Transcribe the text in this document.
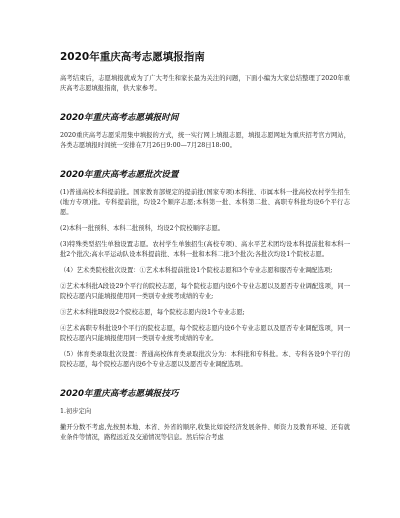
2020年重庆高考志愿填报指南

高考结束后，志愿填报就成为了广大考生和家长最为关注的问题，下面小编为大家总结整理了2020年重庆高考志愿填报指南，供大家参考。

2020年重庆高考志愿填报时间

2020重庆高考志愿采用集中填报的方式，统一实行网上填报志愿，填报志愿网址为重庆招考官方网站，各类志愿填报时间统一安排在7月26日9:00—7月28日18:00。

2020年重庆高考志愿批次设置

(1)普通高校本科提前批。国家教育部规定的提前批(国家专项)本科批、市属本科一批高校农村学生招生(地方专项)批。专科提前批，均设2个顺序志愿;本科第一批、本科第二批、高职专科批均设6个平行志愿。

(2)本科一批预科、本科二批预科，均设2个院校顺序志愿。

(3)特殊类型招生单独设置志愿。农村学生单独招生(高校专项)、高水平艺术团均设本科提前批和本科一批2个批次;高水平运动队设本科提前批、本科一批和本科二批3个批次;各批次均设1个院校志愿。

（4）艺术类院校批次设置：①艺术本科提前批设1个院校志愿和3个专业志愿和服否专业调配选项;

②艺术本科批A段设29个平行的院校志愿，每个院校志愿内设6个专业志愿以及愿否专业调配选项，同一院校志愿内只能填报使用同一类别专业统考成绩的专业;

③艺术本科批B段设2个院校志愿，每个院校志愿内设1个专业志愿;

④艺术高职专科批设9个平行的院校志愿，每个院校志愿内设6个专业志愿以及愿否专业调配选项，同一院校志愿内只能填报使用同一类别专业统考成绩的专业。

（5）体育类录取批次设置：普通高校体育类录取批次分为：本科批和专科批。本、专科各设9个平行的院校志愿，每个院校志愿内设6个专业志愿以及愿否专业调配选项。

2020年重庆高考志愿填报技巧

1.初步定向

撇开分数不考虑,先按照本地、本省、外省的顺序,收集比如说经济发展条件、师资力及教育环境、还有就业条件等情况，路程远近及交通情况等信息。然后综合考虑
